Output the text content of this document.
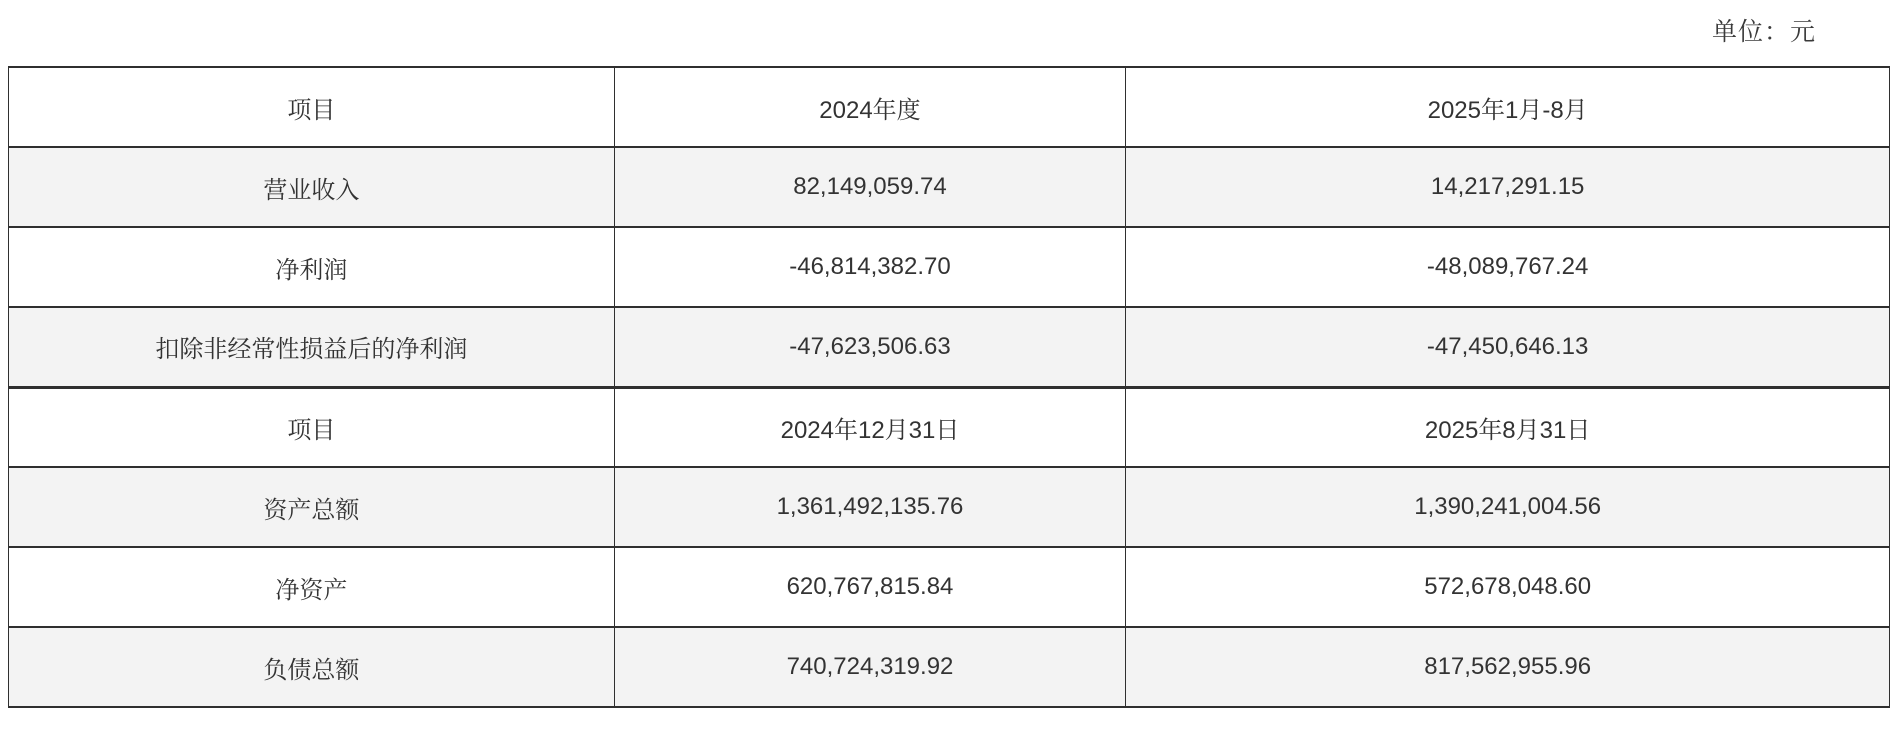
单位：元
项目	2024年度	2025年1月-8月
营业收入	82,149,059.74	14,217,291.15
净利润	-46,814,382.70	-48,089,767.24
扣除非经常性损益后的净利润	-47,623,506.63	-47,450,646.13
项目	2024年12月31日	2025年8月31日
资产总额	1,361,492,135.76	1,390,241,004.56
净资产	620,767,815.84	572,678,048.60
负债总额	740,724,319.92	817,562,955.96
